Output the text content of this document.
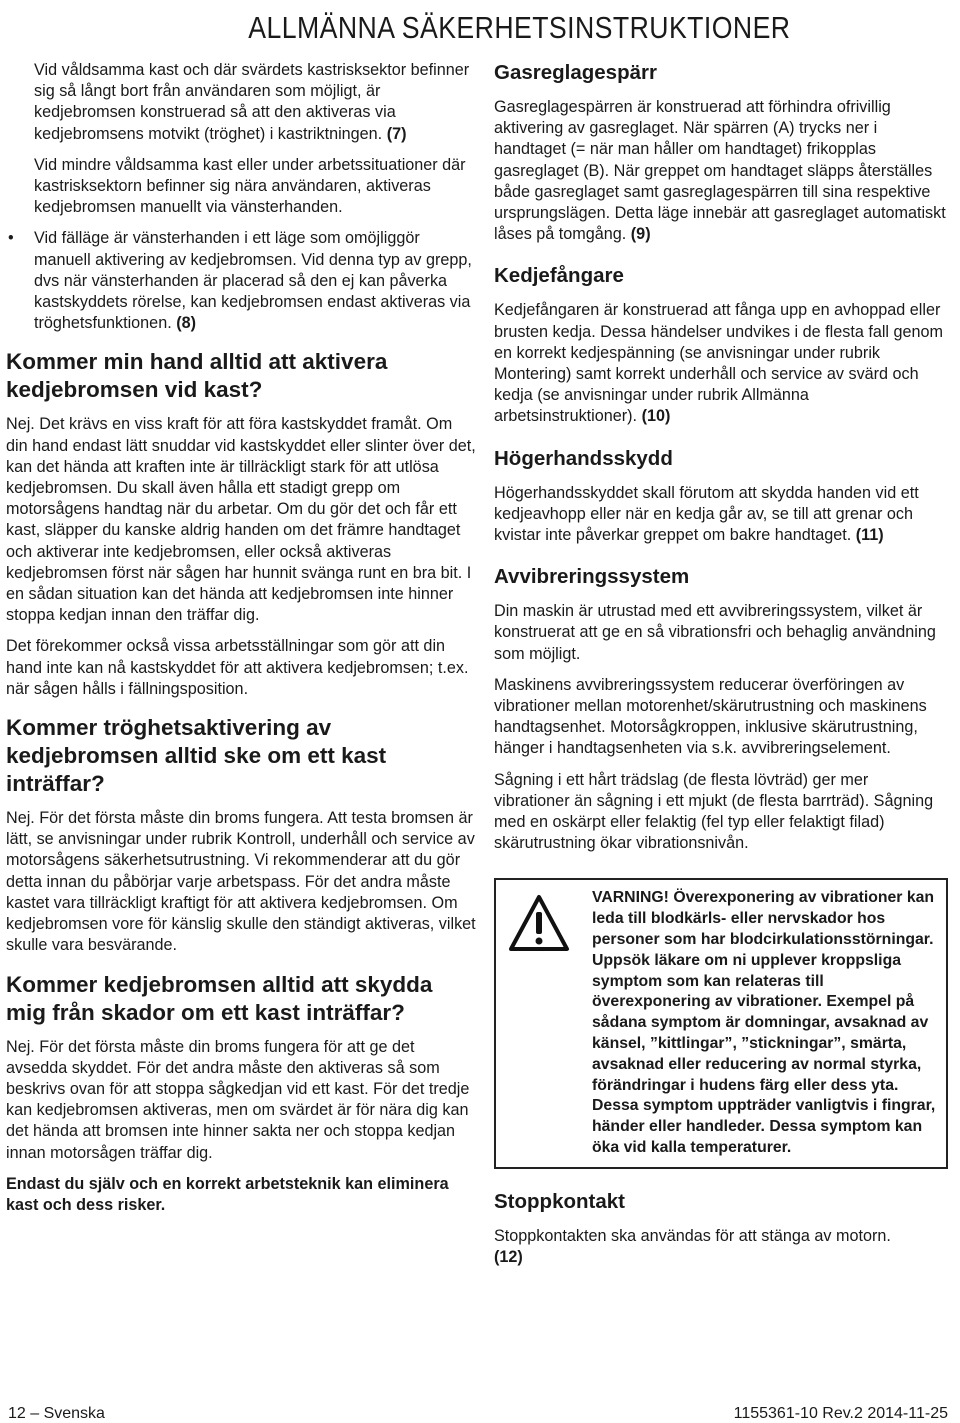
ALLMÄNNA SÄKERHETSINSTRUKTIONER

Vid våldsamma kast och där svärdets kastrisksektor befinner sig så långt bort från användaren som möjligt, är kedjebromsen konstruerad så att den aktiveras via kedjebromsens motvikt (tröghet) i kastriktningen. (7)

Vid mindre våldsamma kast eller under arbetssituationer där kastrisksektorn befinner sig nära användaren, aktiveras kedjebromsen manuellt via vänsterhanden.

• Vid fälläge är vänsterhanden i ett läge som omöjliggör manuell aktivering av kedjebromsen. Vid denna typ av grepp, dvs när vänsterhanden är placerad så den ej kan påverka kastskyddets rörelse, kan kedjebromsen endast aktiveras via tröghetsfunktionen. (8)

Kommer min hand alltid att aktivera kedjebromsen vid kast?

Nej. Det krävs en viss kraft för att föra kastskyddet framåt. Om din hand endast lätt snuddar vid kastskyddet eller slinter över det, kan det hända att kraften inte är tillräckligt stark för att utlösa kedjebromsen. Du skall även hålla ett stadigt grepp om motorsågens handtag när du arbetar. Om du gör det och får ett kast, släpper du kanske aldrig handen om det främre handtaget och aktiverar inte kedjebromsen, eller också aktiveras kedjebromsen först när sågen har hunnit svänga runt en bra bit. I en sådan situation kan det hända att kedjebromsen inte hinner stoppa kedjan innan den träffar dig.

Det förekommer också vissa arbetsställningar som gör att din hand inte kan nå kastskyddet för att aktivera kedjebromsen; t.ex. när sågen hålls i fällningsposition.

Kommer tröghetsaktivering av kedjebromsen alltid ske om ett kast inträffar?

Nej. För det första måste din broms fungera. Att testa bromsen är lätt, se anvisningar under rubrik Kontroll, underhåll och service av motorsågens säkerhetsutrustning. Vi rekommenderar att du gör detta innan du påbörjar varje arbetspass. För det andra måste kastet vara tillräckligt kraftigt för att aktivera kedjebromsen. Om kedjebromsen vore för känslig skulle den ständigt aktiveras, vilket skulle vara besvärande.

Kommer kedjebromsen alltid att skydda mig från skador om ett kast inträffar?

Nej. För det första måste din broms fungera för att ge det avsedda skyddet. För det andra måste den aktiveras så som beskrivs ovan för att stoppa sågkedjan vid ett kast. För det tredje kan kedjebromsen aktiveras, men om svärdet är för nära dig kan det hända att bromsen inte hinner sakta ner och stoppa kedjan innan motorsågen träffar dig.

Endast du själv och en korrekt arbetsteknik kan eliminera kast och dess risker.

Gasreglagespärr

Gasreglagespärren är konstruerad att förhindra ofrivillig aktivering av gasreglaget. När spärren (A) trycks ner i handtaget (= när man håller om handtaget) frikopplas gasreglaget (B). När greppet om handtaget släpps återställes både gasreglaget samt gasreglagespärren till sina respektive ursprungslägen. Detta läge innebär att gasreglaget automatiskt låses på tomgång. (9)

Kedjefångare

Kedjefångaren är konstruerad att fånga upp en avhoppad eller brusten kedja. Dessa händelser undvikes i de flesta fall genom en korrekt kedjespänning (se anvisningar under rubrik Montering) samt korrekt underhåll och service av svärd och kedja (se anvisningar under rubrik Allmänna arbetsinstruktioner). (10)

Högerhandsskydd

Högerhandsskyddet skall förutom att skydda handen vid ett kedjeavhopp eller när en kedja går av, se till att grenar och kvistar inte påverkar greppet om bakre handtaget. (11)

Avvibreringssystem

Din maskin är utrustad med ett avvibreringssystem, vilket är konstruerat att ge en så vibrationsfri och behaglig användning som möjligt.

Maskinens avvibreringssystem reducerar överföringen av vibrationer mellan motorenhet/skärutrustning och maskinens handtagsenhet. Motorsågkroppen, inklusive skärutrustning, hänger i handtagsenheten via s.k. avvibreringselement.

Sågning i ett hårt trädslag (de flesta lövträd) ger mer vibrationer än sågning i ett mjukt (de flesta barrträd). Sågning med en oskärpt eller felaktig (fel typ eller felaktigt filad) skärutrustning ökar vibrationsnivån.

VARNING! Överexponering av vibrationer kan leda till blodkärls- eller nervskador hos personer som har blodcirkulationsstörningar. Uppsök läkare om ni upplever kroppsliga symptom som kan relateras till överexponering av vibrationer. Exempel på sådana symptom är domningar, avsaknad av känsel, ”kittlingar”, ”stickningar”, smärta, avsaknad eller reducering av normal styrka, förändringar i hudens färg eller dess yta. Dessa symptom uppträder vanligtvis i fingrar, händer eller handleder. Dessa symptom kan öka vid kalla temperaturer.

Stoppkontakt

Stoppkontakten ska användas för att stänga av motorn.
(12)

12 – Svenska	1155361-10 Rev.2 2014-11-25
